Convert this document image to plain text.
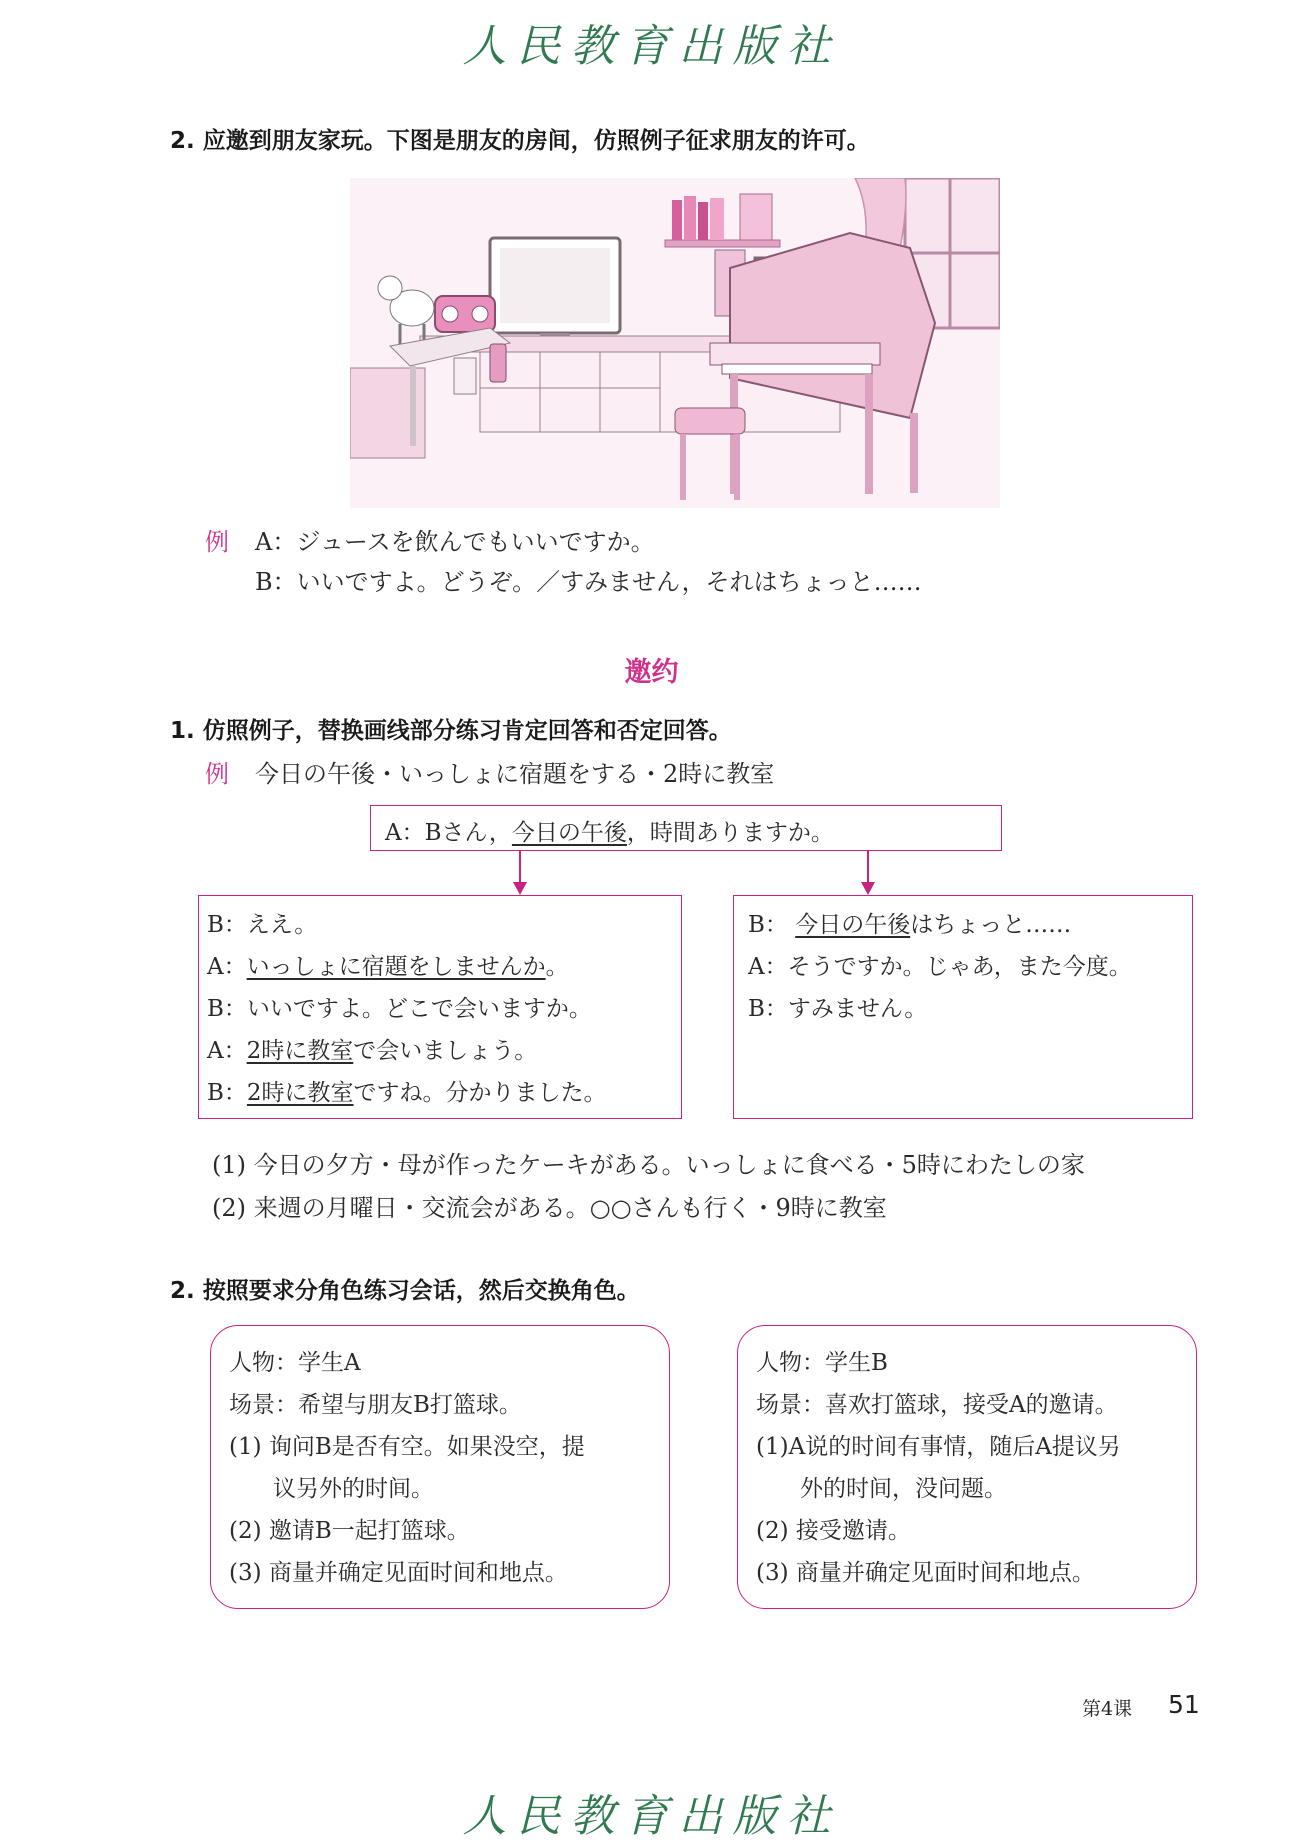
人民教育出版社
2. 应邀到朋友家玩。下图是朋友的房间，仿照例子征求朋友的许可。
例 A：ジュースを飲んでもいいですか。
B：いいですよ。どうぞ。／すみません，それはちょっと……
邀约
1. 仿照例子，替换画线部分练习肯定回答和否定回答。
例 今日の午後・いっしょに宿題をする・2時に教室
A：Bさん，今日の午後，時間ありますか。
B：ええ。
A：いっしょに宿題をしませんか。
B：いいですよ。どこで会いますか。
A：2時に教室で会いましょう。
B：2時に教室ですね。分かりました。
B： 今日の午後はちょっと……
A：そうですか。じゃあ，また今度。
B：すみません。
(1) 今日の夕方・母が作ったケーキがある。いっしょに食べる・5時にわたしの家
(2) 来週の月曜日・交流会がある。○○さんも行く・9時に教室
2. 按照要求分角色练习会话，然后交换角色。
人物：学生A
场景：希望与朋友B打篮球。
(1) 询问B是否有空。如果没空，提
议另外的时间。
(2) 邀请B一起打篮球。
(3) 商量并确定见面时间和地点。
人物：学生B
场景：喜欢打篮球，接受A的邀请。
(1)A说的时间有事情，随后A提议另
外的时间，没问题。
(2) 接受邀请。
(3) 商量并确定见面时间和地点。
第4课 51
人民教育出版社
